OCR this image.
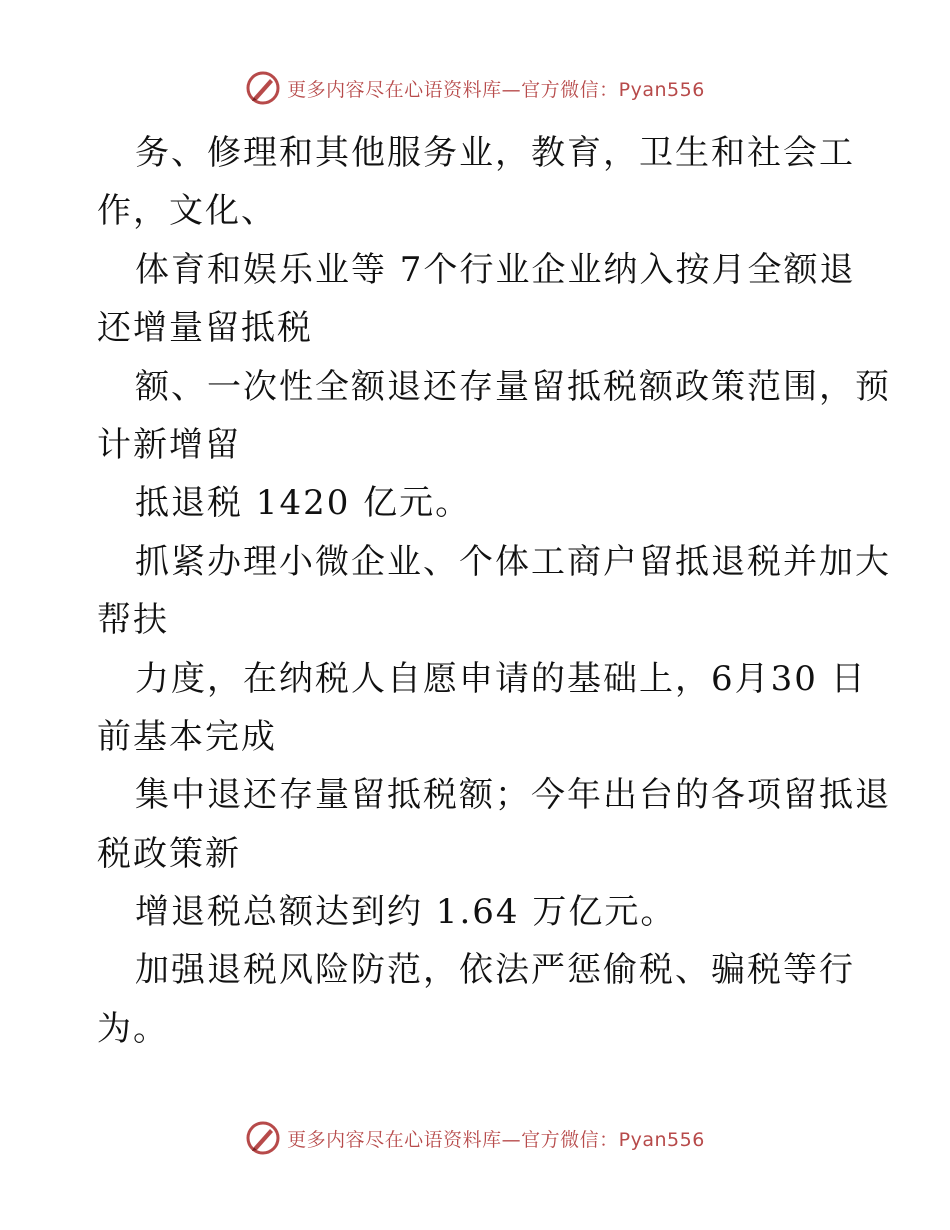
更多内容尽在心语资料库—官方微信：Pyan556
务、修理和其他服务业，教育，卫生和社会工
作，文化、
体育和娱乐业等 7个行业企业纳入按月全额退
还增量留抵税
额、一次性全额退还存量留抵税额政策范围，预
计新增留
抵退税 1420 亿元。
抓紧办理小微企业、个体工商户留抵退税并加大
帮扶
力度，在纳税人自愿申请的基础上，6月30 日
前基本完成
集中退还存量留抵税额；今年出台的各项留抵退
税政策新
增退税总额达到约 1.64 万亿元。
加强退税风险防范，依法严惩偷税、骗税等行
为。
更多内容尽在心语资料库—官方微信：Pyan556
